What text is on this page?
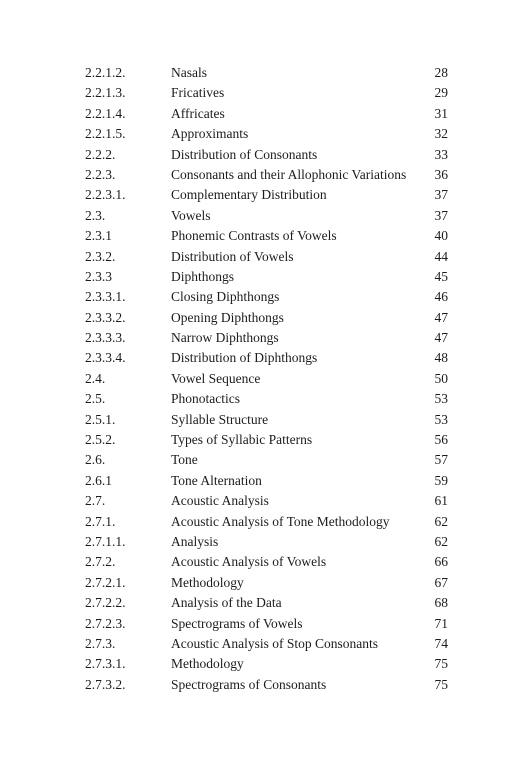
2.2.1.2.	Nasals	28
2.2.1.3.	Fricatives	29
2.2.1.4.	Affricates	31
2.2.1.5.	Approximants	32
2.2.2.	Distribution of Consonants	33
2.2.3.	Consonants and their Allophonic Variations 36
2.2.3.1.	Complementary Distribution	37
2.3.	Vowels	37
2.3.1	Phonemic Contrasts of Vowels	40
2.3.2.	Distribution of Vowels	44
2.3.3	Diphthongs	45
2.3.3.1.	Closing Diphthongs	46
2.3.3.2.	Opening Diphthongs	47
2.3.3.3.	Narrow Diphthongs	47
2.3.3.4.	Distribution of Diphthongs	48
2.4.	Vowel Sequence	50
2.5.	Phonotactics	53
2.5.1.	Syllable Structure	53
2.5.2.	Types of Syllabic Patterns	56
2.6.	Tone	57
2.6.1	Tone Alternation	59
2.7.	Acoustic Analysis	61
2.7.1.	Acoustic Analysis of Tone Methodology	62
2.7.1.1.	Analysis	62
2.7.2.	Acoustic Analysis of Vowels	66
2.7.2.1.	Methodology	67
2.7.2.2.	Analysis of the Data	68
2.7.2.3.	Spectrograms of Vowels	71
2.7.3.	Acoustic Analysis of Stop Consonants	74
2.7.3.1.	Methodology	75
2.7.3.2.	Spectrograms of Consonants	75
